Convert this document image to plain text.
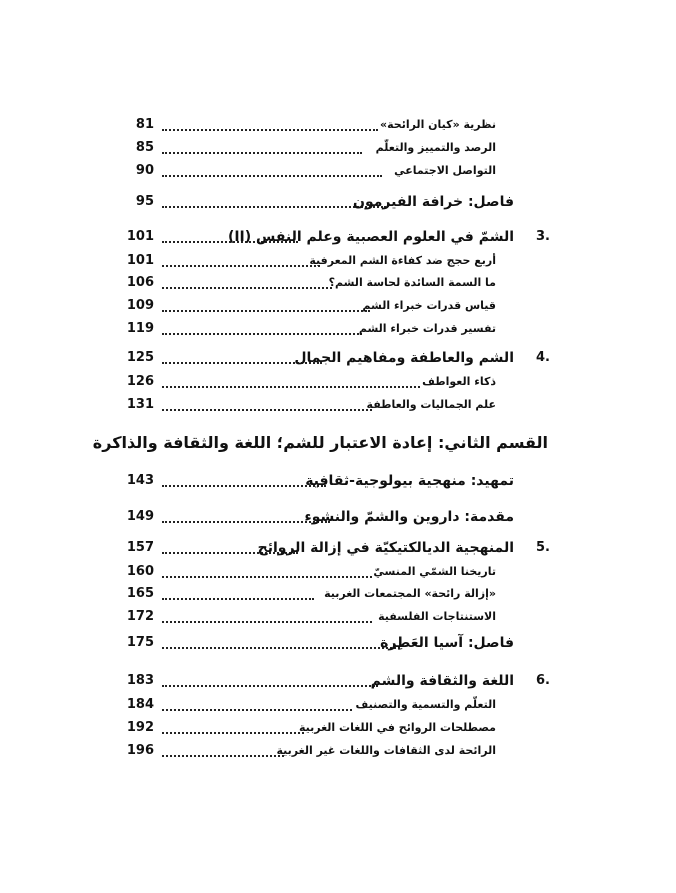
81	نظرية «كيان الرائحة»
85	الرصد والتمييز والتعلّم
90	التواصل الاجتماعي
95	فاصل: خرافة الفيرمون
101	الشمّ في العلوم العصبية وعلم النفس (II)	3.
101	أربع حجج ضد كفاءة الشم المعرفية
106	ما السمة السائدة لحاسة الشم؟
109	قياس قدرات خبراء الشم
119	تفسير قدرات خبراء الشم
125	الشم والعاطفة ومفاهيم الجمال	4.
126	ذكاء العواطف
131	علم الجماليات والعاطفة
143	تمهيد: منهجية بيولوجية-ثقافية
149	مقدمة: داروين والشمّ والنشوء
157	المنهجية الديالكتيكيّة في إزالة الروائح	5.
160	تاريخنا الشمّي المنسيّ
165	«إزالة رائحة» المجتمعات الغربية
172	الاستنتاجات الفلسفية
175	فاصل: آسيا العَطِرة
183	اللغة والثقافة والشم	6.
184	التعلّم والتسمية والتصنيف
192	مصطلحات الروائح في اللغات الغربية
196	الرائحة لدى الثقافات واللغات غير الغربية
القسم الثاني: إعادة الاعتبار للشم؛ اللغة والثقافة والذاكرة
